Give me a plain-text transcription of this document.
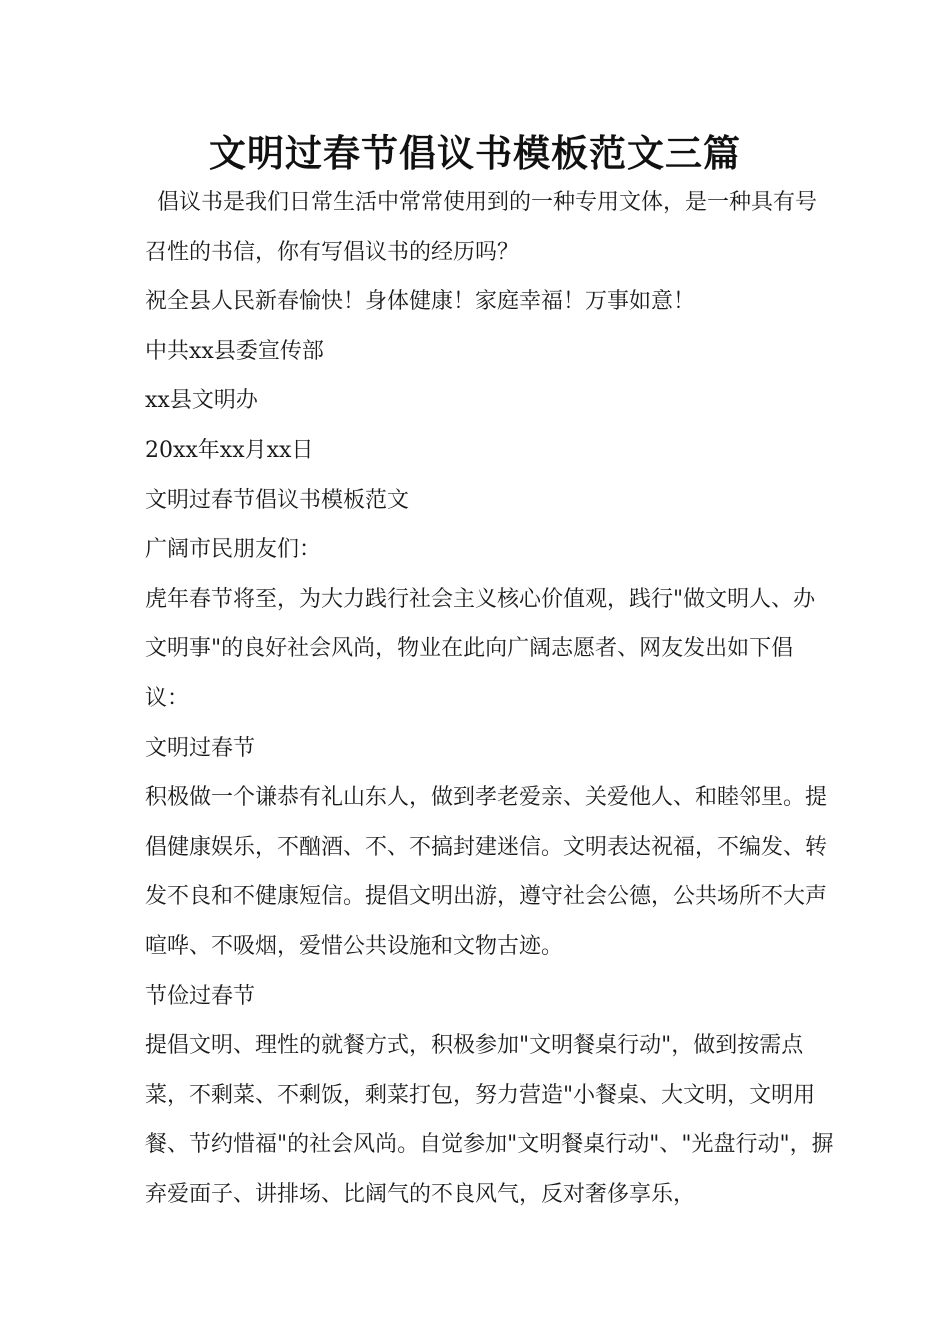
文明过春节倡议书模板范文三篇

倡议书是我们日常生活中常常使用到的一种专用文体，是一种具有号召性的书信，你有写倡议书的经历吗？

祝全县人民新春愉快！身体健康！家庭幸福！万事如意！

中共xx县委宣传部

xx县文明办

20xx年xx月xx日

文明过春节倡议书模板范文

广阔市民朋友们：

虎年春节将至，为大力践行社会主义核心价值观，践行"做文明人、办文明事"的良好社会风尚，物业在此向广阔志愿者、网友发出如下倡议：

文明过春节

积极做一个谦恭有礼山东人，做到孝老爱亲、关爱他人、和睦邻里。提倡健康娱乐，不酗酒、不、不搞封建迷信。文明表达祝福，不编发、转发不良和不健康短信。提倡文明出游，遵守社会公德，公共场所不大声喧哗、不吸烟，爱惜公共设施和文物古迹。

节俭过春节

提倡文明、理性的就餐方式，积极参加"文明餐桌行动"，做到按需点菜，不剩菜、不剩饭，剩菜打包，努力营造"小餐桌、大文明，文明用餐、节约惜福"的社会风尚。自觉参加"文明餐桌行动"、"光盘行动"，摒弃爱面子、讲排场、比阔气的不良风气，反对奢侈享乐，
